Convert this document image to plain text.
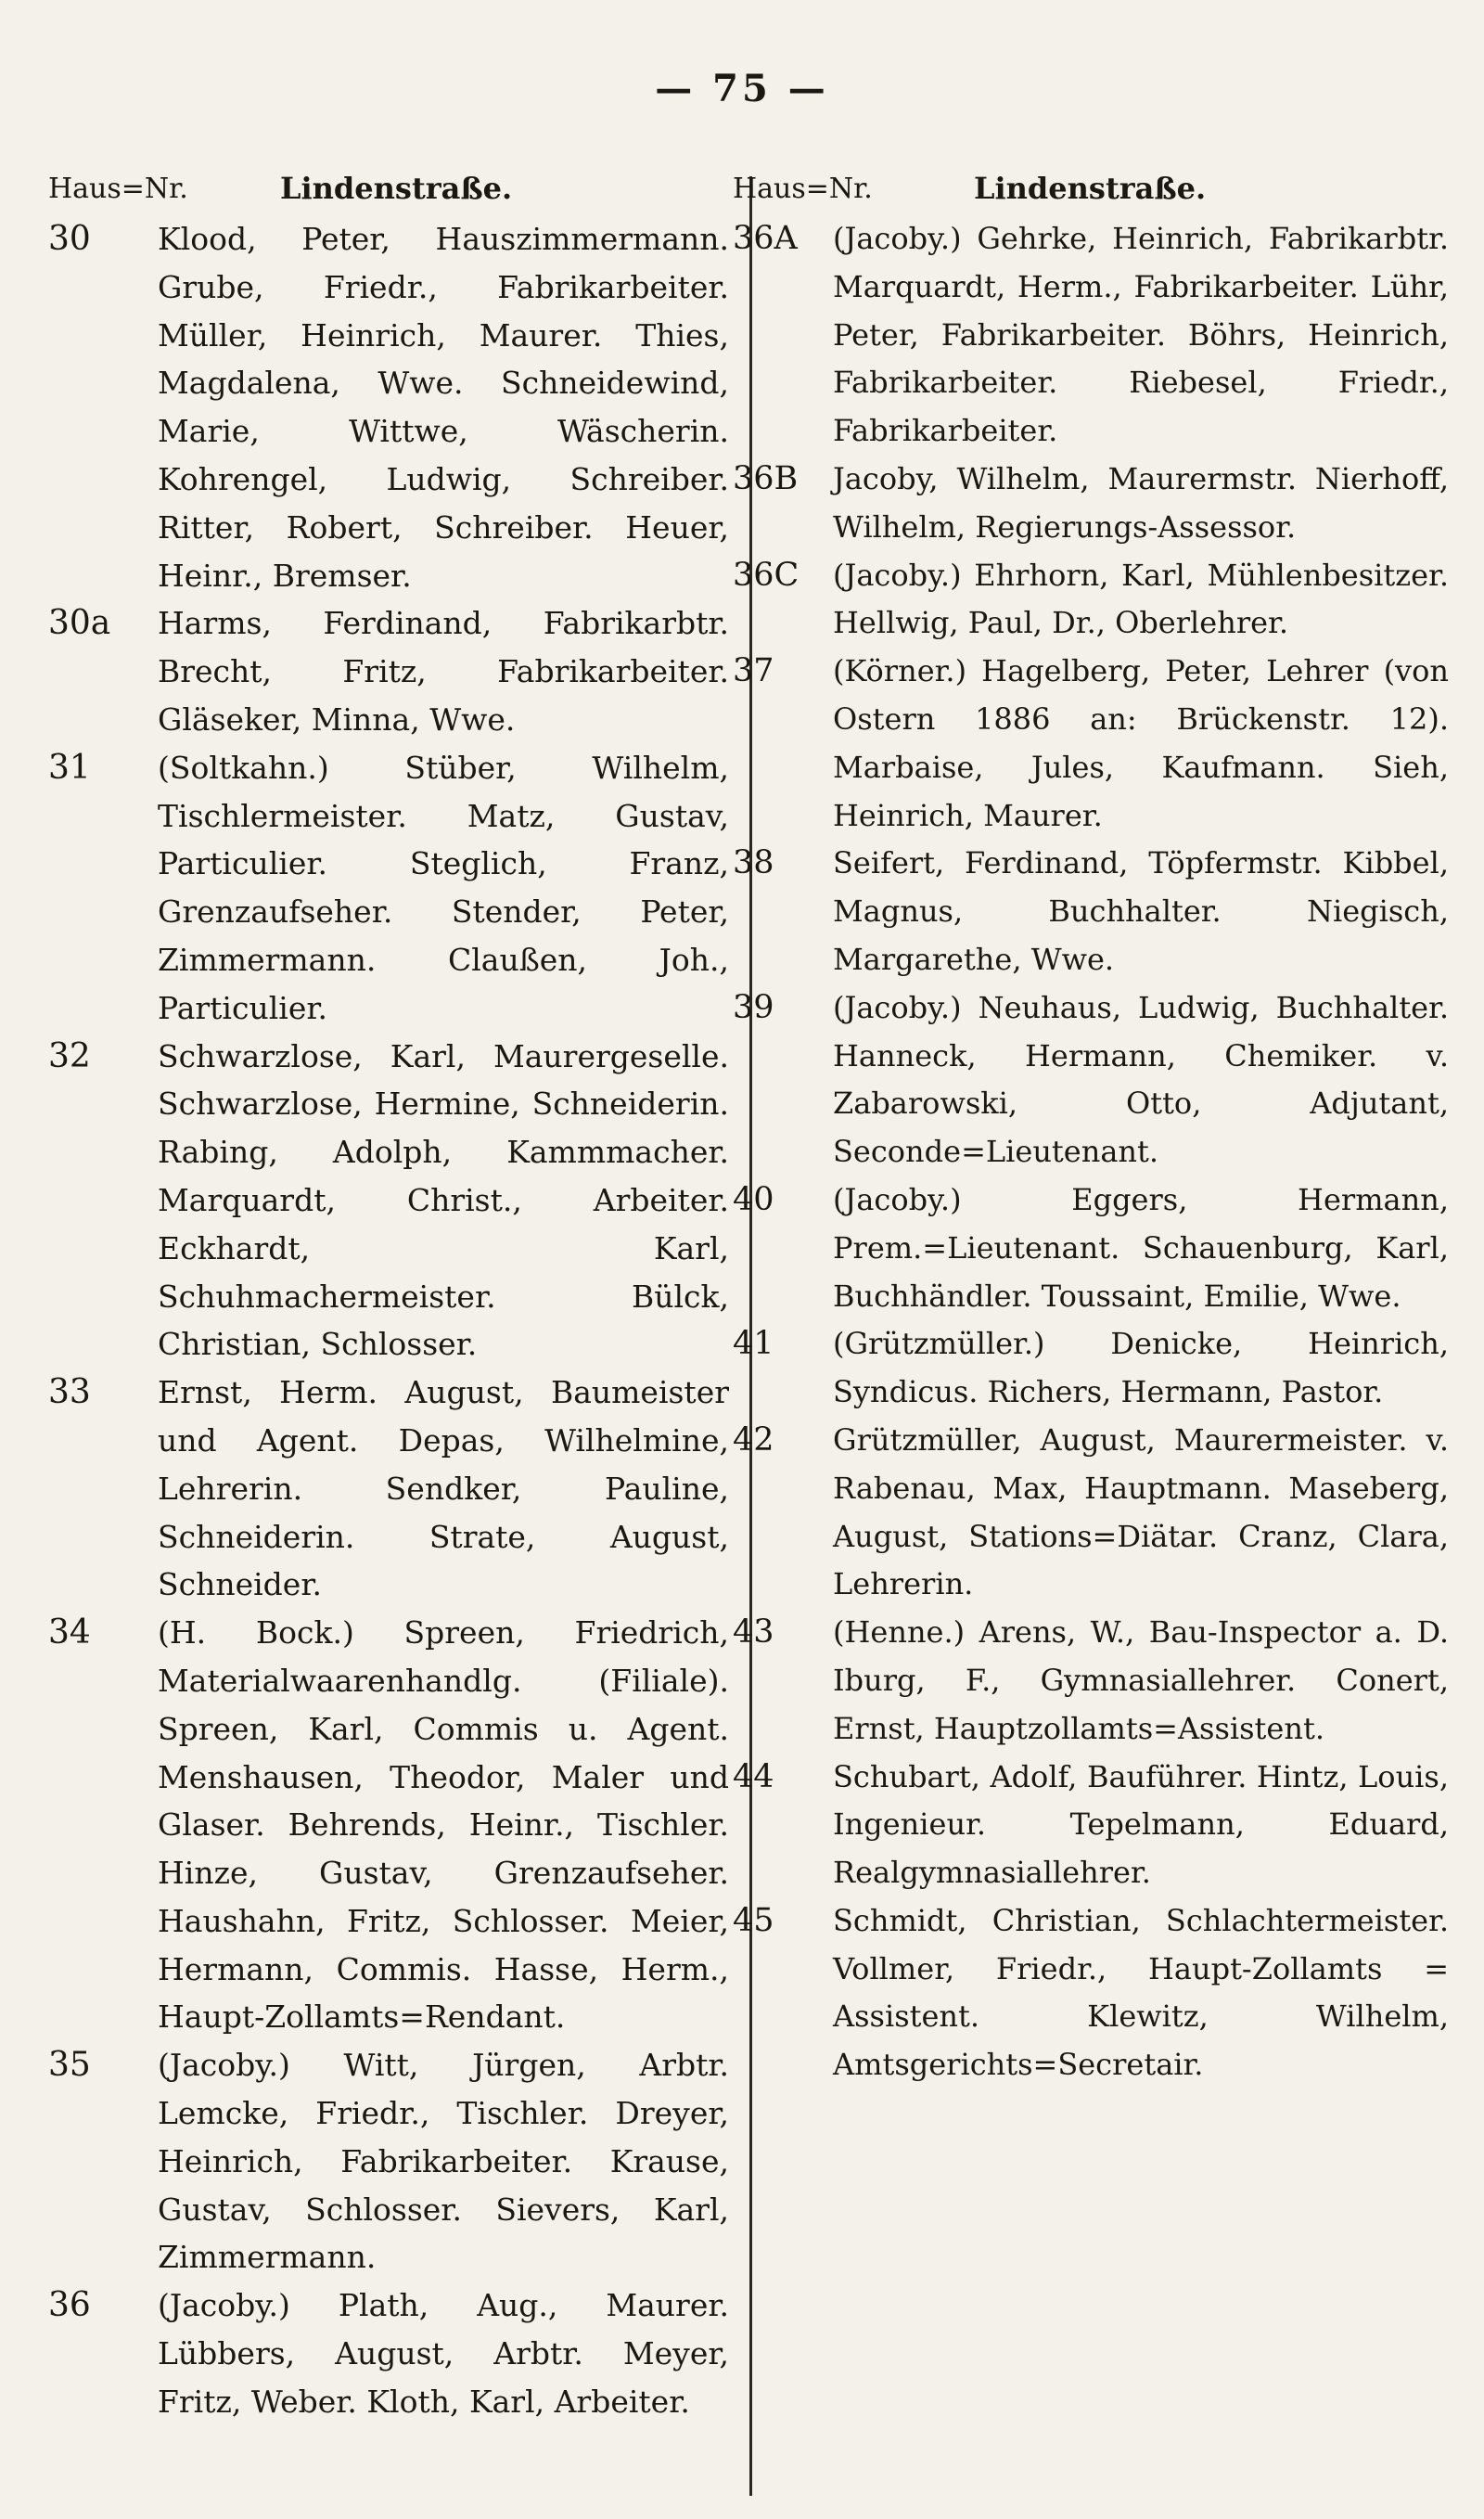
— 75 —
Haus=Nr.	Lindenstraße.
30	Klood, Peter, Hauszimmermann. Grube, Friedr., Fabrikarbeiter. Müller, Heinrich, Maurer. Thies, Magdalena, Wwe. Schneidewind, Marie, Wittwe, Wäscherin. Kohrengel, Ludwig, Schreiber. Ritter, Robert, Schreiber. Heuer, Heinr., Bremser.
30a	Harms, Ferdinand, Fabrikarbtr. Brecht, Fritz, Fabrikarbeiter. Gläseker, Minna, Wwe.
31	(Soltkahn.) Stüber, Wilhelm, Tischlermeister. Matz, Gustav, Particulier. Steglich, Franz, Grenzaufseher. Stender, Peter, Zimmermann. Claußen, Joh., Particulier.
32	Schwarzlose, Karl, Maurergeselle. Schwarzlose, Hermine, Schneiderin. Rabing, Adolph, Kammmacher. Marquardt, Christ., Arbeiter. Eckhardt, Karl, Schuhmachermeister. Bülck, Christian, Schlosser.
33	Ernst, Herm. August, Baumeister und Agent. Depas, Wilhelmine, Lehrerin. Sendker, Pauline, Schneiderin. Strate, August, Schneider.
34	(H. Bock.) Spreen, Friedrich, Materialwaarenhandlg. (Filiale). Spreen, Karl, Commis u. Agent. Menshausen, Theodor, Maler und Glaser. Behrends, Heinr., Tischler. Hinze, Gustav, Grenzaufseher. Haushahn, Fritz, Schlosser. Meier, Hermann, Commis. Hasse, Herm., Haupt-Zollamts=Rendant.
35	(Jacoby.) Witt, Jürgen, Arbtr. Lemcke, Friedr., Tischler. Dreyer, Heinrich, Fabrikarbeiter. Krause, Gustav, Schlosser. Sievers, Karl, Zimmermann.
36	(Jacoby.) Plath, Aug., Maurer. Lübbers, August, Arbtr. Meyer, Fritz, Weber. Kloth, Karl, Arbeiter.
Haus=Nr.	Lindenstraße.
36A	(Jacoby.) Gehrke, Heinrich, Fabrikarbtr. Marquardt, Herm., Fabrikarbeiter. Lühr, Peter, Fabrikarbeiter. Böhrs, Heinrich, Fabrikarbeiter. Riebesel, Friedr., Fabrikarbeiter.
36B	Jacoby, Wilhelm, Maurermstr. Nierhoff, Wilhelm, Regierungs-Assessor.
36C	(Jacoby.) Ehrhorn, Karl, Mühlenbesitzer. Hellwig, Paul, Dr., Oberlehrer.
37	(Körner.) Hagelberg, Peter, Lehrer (von Ostern 1886 an: Brückenstr. 12). Marbaise, Jules, Kaufmann. Sieh, Heinrich, Maurer.
38	Seifert, Ferdinand, Töpfermstr. Kibbel, Magnus, Buchhalter. Niegisch, Margarethe, Wwe.
39	(Jacoby.) Neuhaus, Ludwig, Buchhalter. Hanneck, Hermann, Chemiker. v. Zabarowski, Otto, Adjutant, Seconde=Lieutenant.
40	(Jacoby.) Eggers, Hermann, Prem.=Lieutenant. Schauenburg, Karl, Buchhändler. Toussaint, Emilie, Wwe.
41	(Grützmüller.) Denicke, Heinrich, Syndicus. Richers, Hermann, Pastor.
42	Grützmüller, August, Maurermeister. v. Rabenau, Max, Hauptmann. Maseberg, August, Stations=Diätar. Cranz, Clara, Lehrerin.
43	(Henne.) Arens, W., Bau-Inspector a. D. Iburg, F., Gymnasiallehrer. Conert, Ernst, Hauptzollamts=Assistent.
44	Schubart, Adolf, Bauführer. Hintz, Louis, Ingenieur. Tepelmann, Eduard, Realgymnasiallehrer.
45	Schmidt, Christian, Schlachtermeister. Vollmer, Friedr., Haupt-Zollamts = Assistent. Klewitz, Wilhelm, Amtsgerichts=Secretair.
